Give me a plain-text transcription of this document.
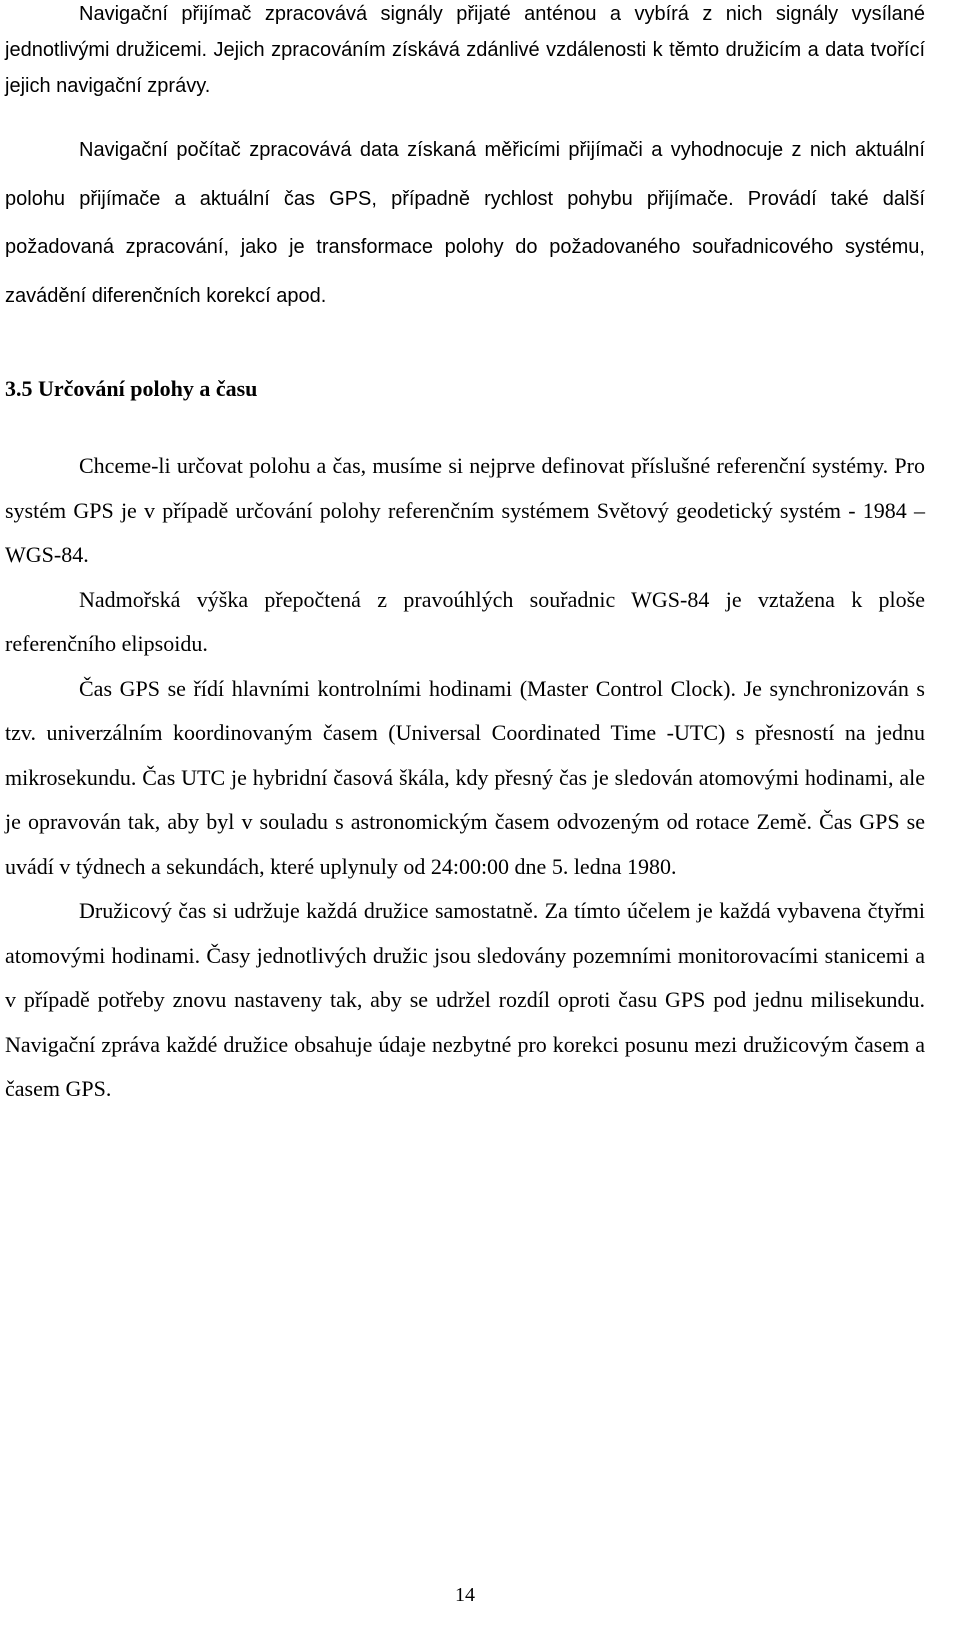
Navigační přijímač zpracovává signály přijaté anténou a vybírá z nich signály vysílané jednotlivými družicemi. Jejich zpracováním získává zdánlivé vzdálenosti k těmto družicím a data tvořící jejich navigační zprávy.

Navigační počítač zpracovává data získaná měřicími přijímači a vyhodnocuje z nich aktuální polohu přijímače a aktuální čas GPS, případně rychlost pohybu přijímače. Provádí také další požadovaná zpracování, jako je transformace polohy do požadovaného souřadnicového systému, zavádění diferenčních korekcí apod.

3.5 Určování polohy a času

Chceme-li určovat polohu a čas, musíme si nejprve definovat příslušné referenční systémy. Pro systém GPS je v případě určování polohy referenčním systémem Světový geodetický systém - 1984 – WGS-84.

Nadmořská výška přepočtená z pravoúhlých souřadnic WGS-84 je vztažena k ploše referenčního elipsoidu.

Čas GPS se řídí hlavními kontrolními hodinami (Master Control Clock). Je synchronizován s tzv. univerzálním koordinovaným časem (Universal Coordinated Time -UTC) s přesností na jednu mikrosekundu. Čas UTC je hybridní časová škála, kdy přesný čas je sledován atomovými hodinami, ale je opravován tak, aby byl v souladu s astronomickým časem odvozeným od rotace Země. Čas GPS se uvádí v týdnech a sekundách, které uplynuly od 24:00:00 dne 5. ledna 1980.

Družicový čas si udržuje každá družice samostatně. Za tímto účelem je každá vybavena čtyřmi atomovými hodinami. Časy jednotlivých družic jsou sledovány pozemními monitorovacími stanicemi a v případě potřeby znovu nastaveny tak, aby se udržel rozdíl oproti času GPS pod jednu milisekundu. Navigační zpráva každé družice obsahuje údaje nezbytné pro korekci posunu mezi družicovým časem a časem GPS.

14
